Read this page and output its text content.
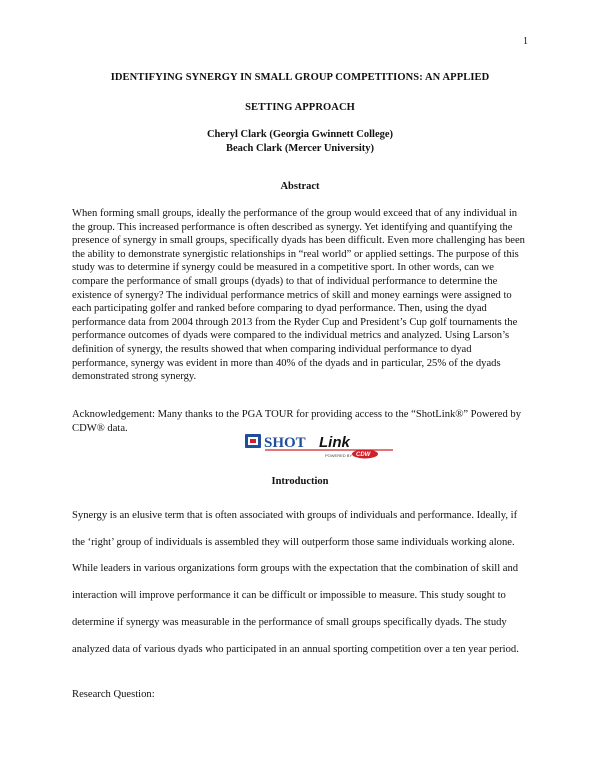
1
IDENTIFYING SYNERGY IN SMALL GROUP COMPETITIONS: AN APPLIED
SETTING APPROACH
Cheryl Clark (Georgia Gwinnett College)
Beach Clark (Mercer University)
Abstract

When forming small groups, ideally the performance of the group would exceed that of any individual in the group. This increased performance is often described as synergy. Yet identifying and quantifying the presence of synergy in small groups, specifically dyads has been difficult. Even more challenging has been the ability to demonstrate synergistic relationships in “real world” or applied settings. The purpose of this study was to determine if synergy could be measured in a competitive sport. In other words, can we compare the performance of small groups (dyads) to that of individual performance to determine the existence of synergy? The individual performance metrics of skill and money earnings were assigned to each participating golfer and ranked before comparing to dyad performance. Then, using the dyad performance data from 2004 through 2013 from the Ryder Cup and President’s Cup golf tournaments the performance outcomes of dyads were compared to the individual metrics and analyzed. Using Larson’s definition of synergy, the results showed that when comparing individual performance to dyad performance, synergy was evident in more than 40% of the dyads and in particular, 25% of the dyads demonstrated strong synergy.

Acknowledgement: Many thanks to the PGA TOUR for providing access to the “ShotLink®” Powered by CDW® data.

SHOT Link
POWERED BY CDW
Introduction

Synergy is an elusive term that is often associated with groups of individuals and performance. Ideally, if the ‘right’ group of individuals is assembled they will outperform those same individuals working alone. While leaders in various organizations form groups with the expectation that the combination of skill and interaction will improve performance it can be difficult or impossible to measure. This study sought to determine if synergy was measurable in the performance of small groups specifically dyads. The study analyzed data of various dyads who participated in an annual sporting competition over a ten year period.

Research Question:
